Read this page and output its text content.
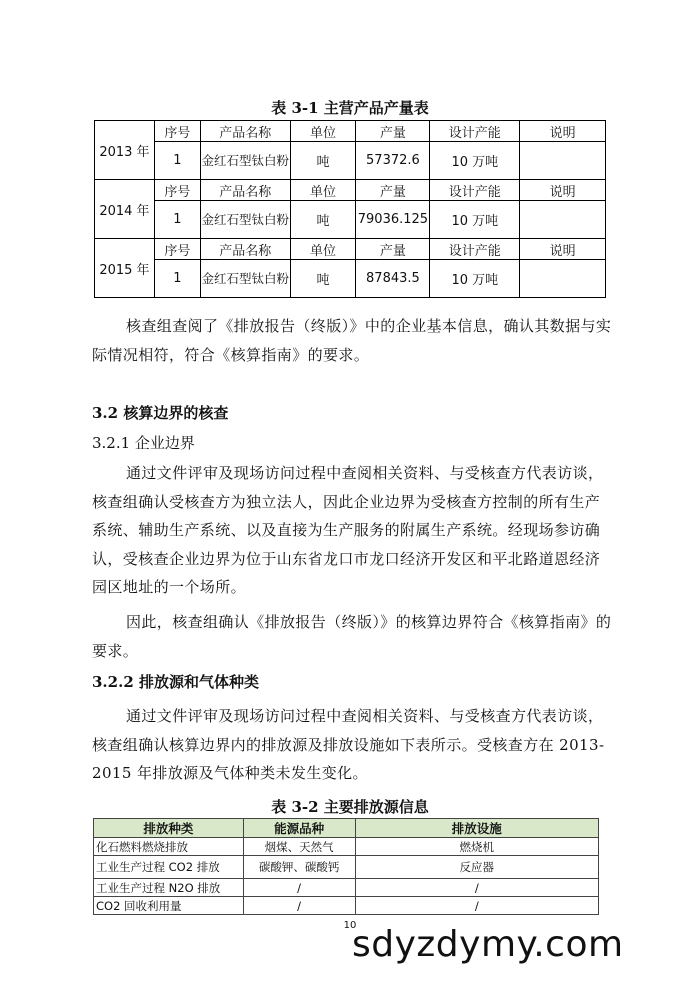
表 3-1 主营产品产量表
2013 年	序号	产品名称	单位	产量	设计产能	说明
	1	金红石型钛白粉	吨	57372.6	10 万吨	
2014 年	序号	产品名称	单位	产量	设计产能	说明
	1	金红石型钛白粉	吨	79036.125	10 万吨	
2015 年	序号	产品名称	单位	产量	设计产能	说明
	1	金红石型钛白粉	吨	87843.5	10 万吨	
核查组查阅了《排放报告（终版）》中的企业基本信息，确认其数据与实际情况相符，符合《核算指南》的要求。
3.2 核算边界的核查
3.2.1 企业边界
通过文件评审及现场访问过程中查阅相关资料、与受核查方代表访谈，核查组确认受核查方为独立法人，因此企业边界为受核查方控制的所有生产系统、辅助生产系统、以及直接为生产服务的附属生产系统。经现场参访确认，受核查企业边界为位于山东省龙口市龙口经济开发区和平北路道恩经济园区地址的一个场所。
因此，核查组确认《排放报告（终版）》的核算边界符合《核算指南》的要求。
3.2.2 排放源和气体种类
通过文件评审及现场访问过程中查阅相关资料、与受核查方代表访谈，核查组确认核算边界内的排放源及排放设施如下表所示。受核查方在 2013-2015 年排放源及气体种类未发生变化。
表 3-2 主要排放源信息
排放种类	能源品种	排放设施
化石燃料燃烧排放	烟煤、天然气	燃烧机
工业生产过程 CO2 排放	碳酸钾、碳酸钙	反应器
工业生产过程 N2O 排放	/	/
CO2 回收利用量	/	/
10
sdyzdymy.com
